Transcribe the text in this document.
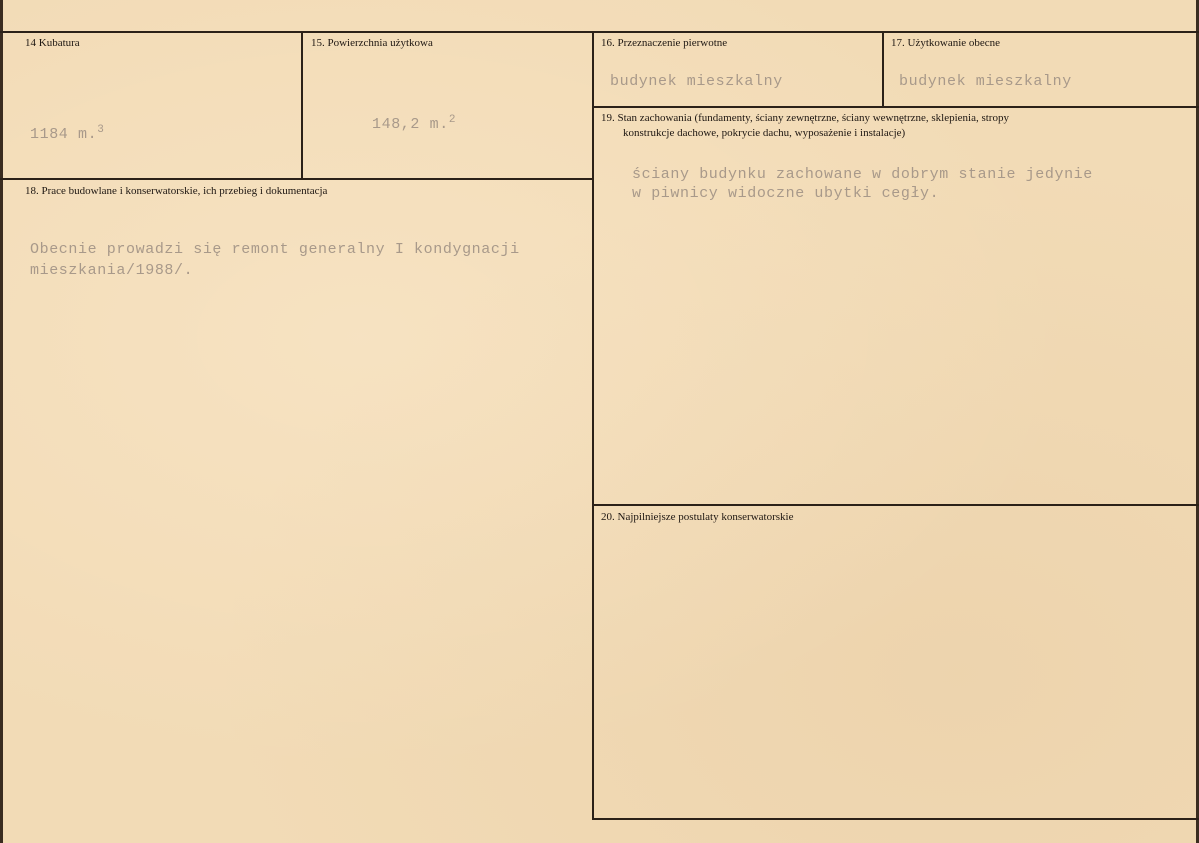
14 Kubatura
1184 m.$^3$
15. Powierzchnia użytkowa
148,2 m.$^2$
16. Przeznaczenie pierwotne
budynek mieszkalny
17. Użytkowanie obecne
budynek mieszkalny
18. Prace budowlane i konserwatorskie, ich przebieg i dokumentacja
Obecnie prowadzi się remont generalny I kondygnacji
mieszkania/1988/.
19. Stan zachowania (fundamenty, ściany zewnętrzne, ściany wewnętrzne, sklepienia, stropy
konstrukcje dachowe, pokrycie dachu, wyposażenie i instalacje)
ściany budynku zachowane w dobrym stanie jedynie
w piwnicy widoczne ubytki cegły.
20. Najpilniejsze postulaty konserwatorskie
